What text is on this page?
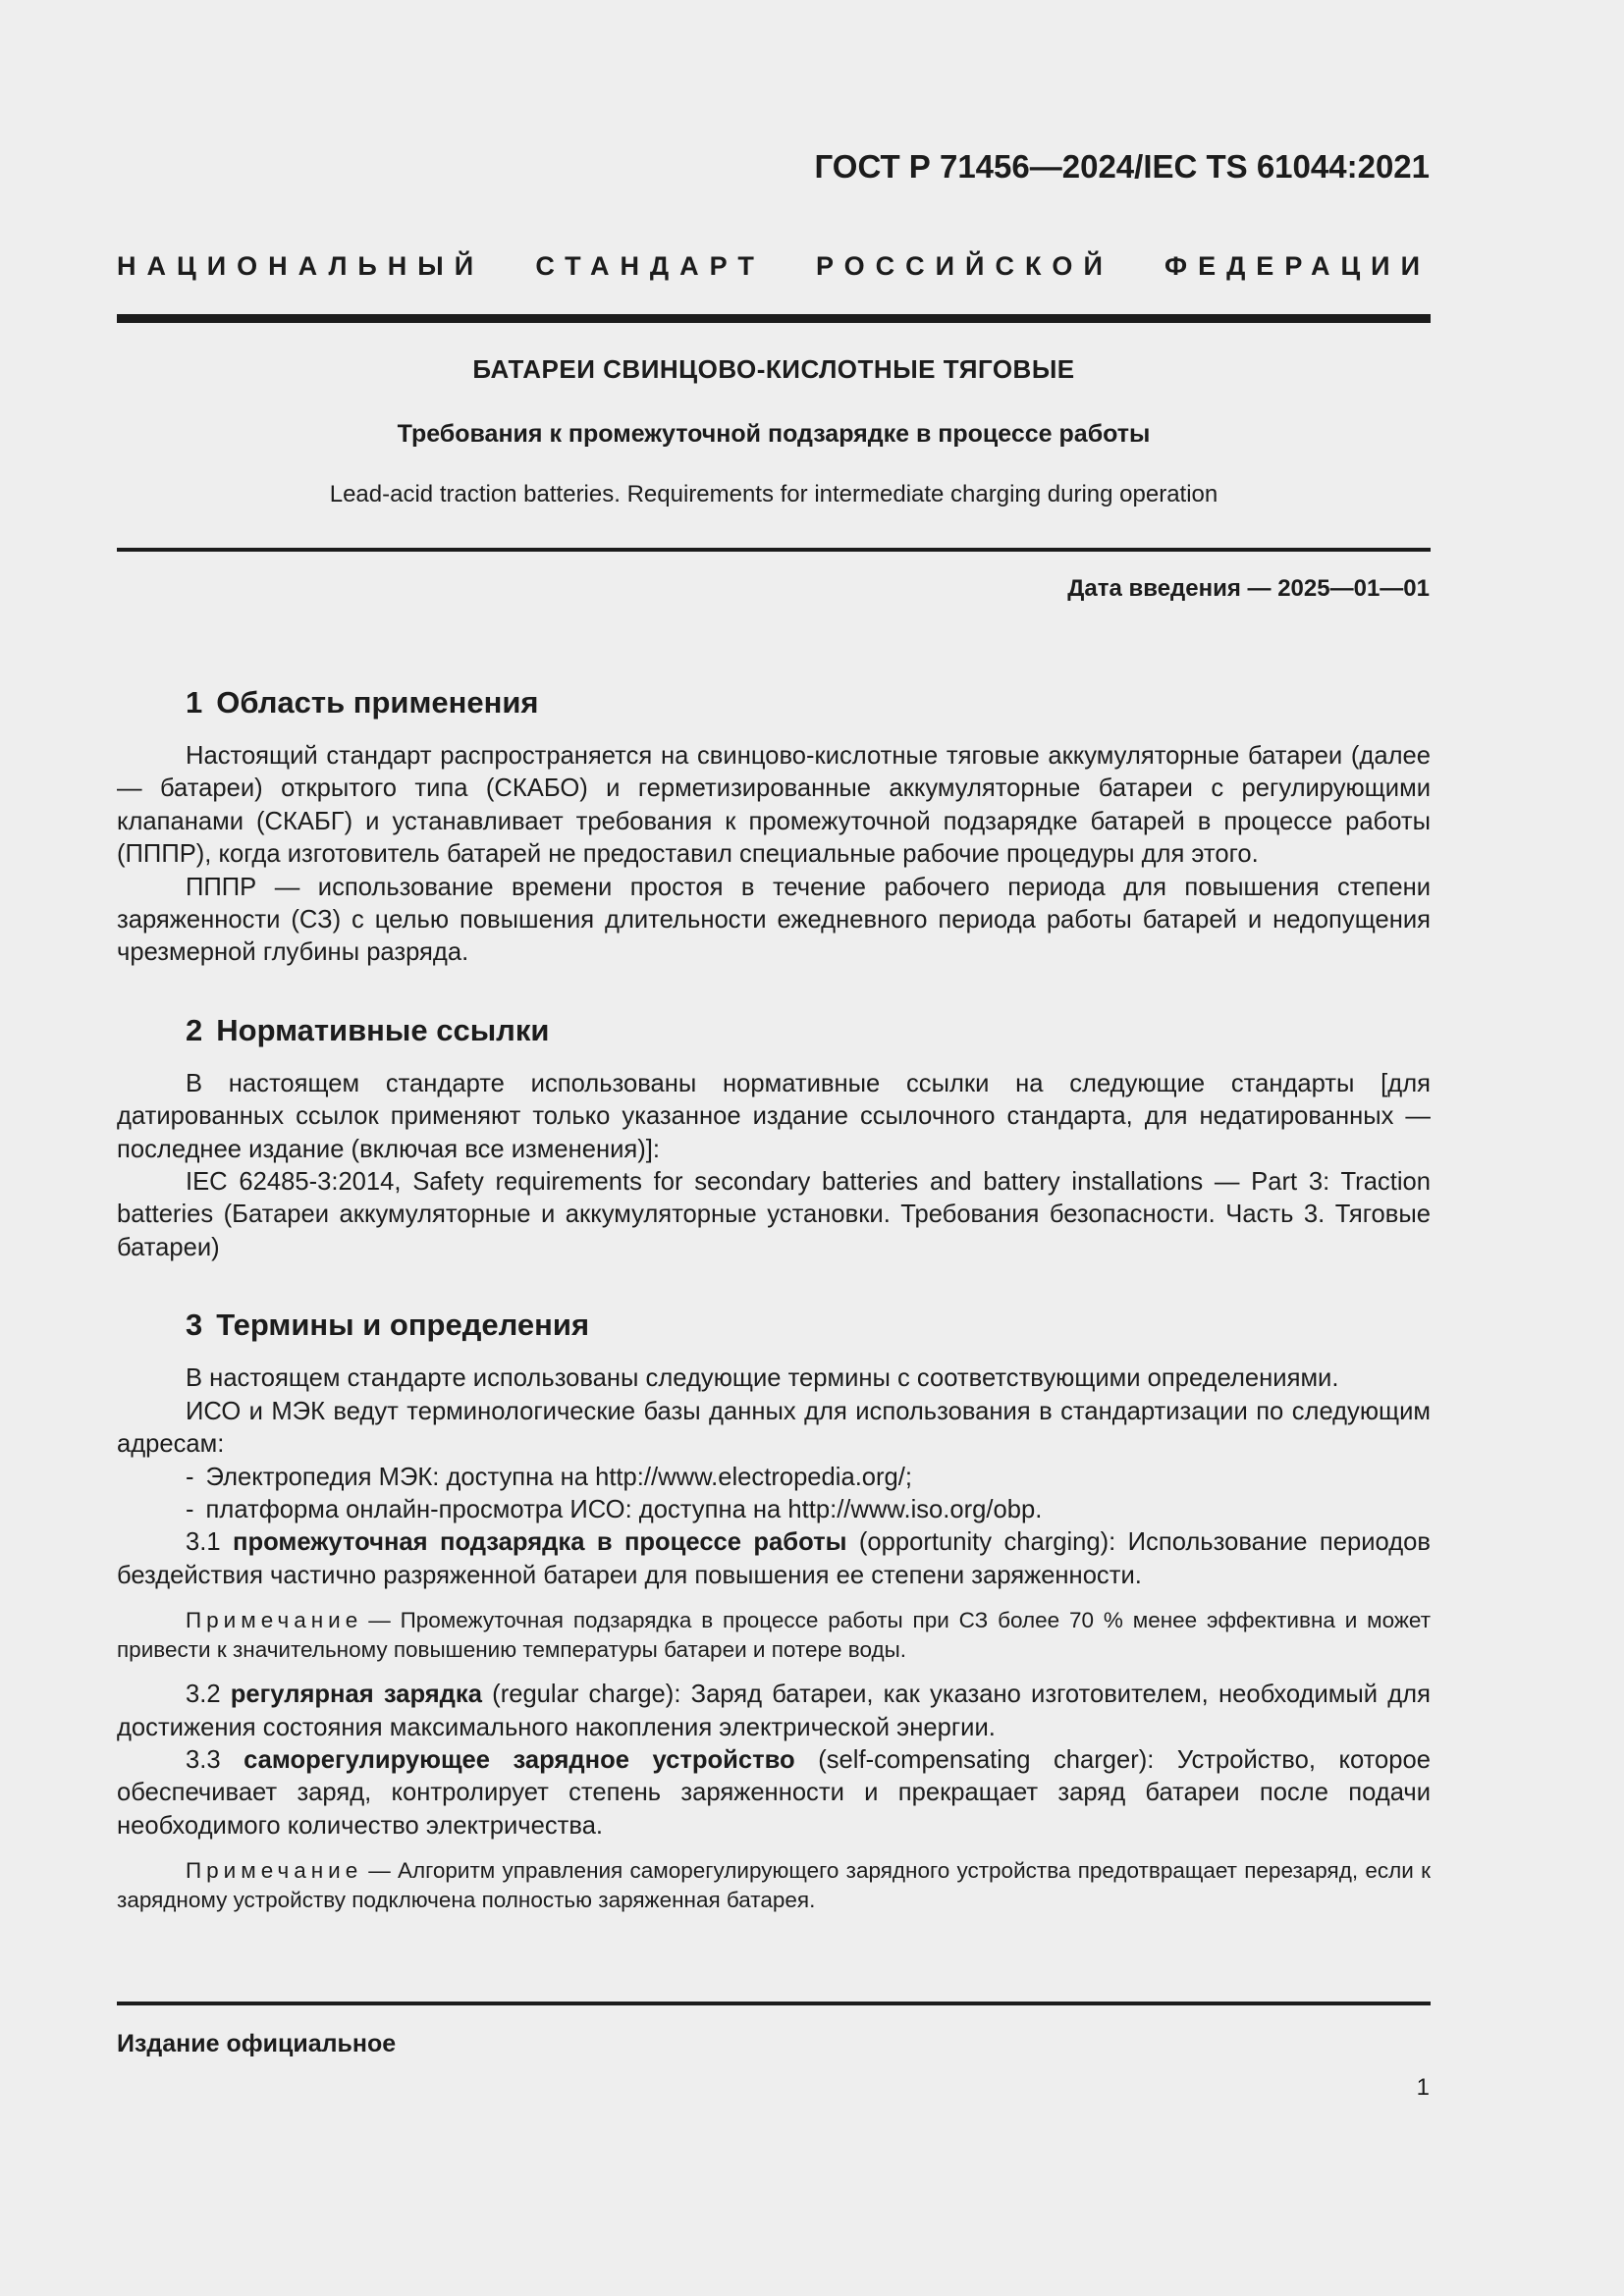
ГОСТ Р 71456—2024/IEC TS 61044:2021
НАЦИОНАЛЬНЫЙ СТАНДАРТ РОССИЙСКОЙ ФЕДЕРАЦИИ
БАТАРЕИ СВИНЦОВО-КИСЛОТНЫЕ ТЯГОВЫЕ
Требования к промежуточной подзарядке в процессе работы
Lead-acid traction batteries. Requirements for intermediate charging during operation
Дата введения — 2025—01—01
1 Область применения

Настоящий стандарт распространяется на свинцово-кислотные тяговые аккумуляторные батареи (далее — батареи) открытого типа (СКАБО) и герметизированные аккумуляторные батареи с регулирующими клапанами (СКАБГ) и устанавливает требования к промежуточной подзарядке батарей в процессе работы (ПППР), когда изготовитель батарей не предоставил специальные рабочие процедуры для этого.

ПППР — использование времени простоя в течение рабочего периода для повышения степени заряженности (СЗ) с целью повышения длительности ежедневного периода работы батарей и недопущения чрезмерной глубины разряда.

2 Нормативные ссылки

В настоящем стандарте использованы нормативные ссылки на следующие стандарты [для датированных ссылок применяют только указанное издание ссылочного стандарта, для недатированных — последнее издание (включая все изменения)]:

IEC 62485-3:2014, Safety requirements for secondary batteries and battery installations — Part 3: Traction batteries (Батареи аккумуляторные и аккумуляторные установки. Требования безопасности. Часть 3. Тяговые батареи)

3 Термины и определения

В настоящем стандарте использованы следующие термины с соответствующими определениями.

ИСО и МЭК ведут терминологические базы данных для использования в стандартизации по следующим адресам:

- Электропедия МЭК: доступна на http://www.electropedia.org/;

- платформа онлайн-просмотра ИСО: доступна на http://www.iso.org/obp.

3.1 промежуточная подзарядка в процессе работы (opportunity charging): Использование периодов бездействия частично разряженной батареи для повышения ее степени заряженности.

Примечание — Промежуточная подзарядка в процессе работы при СЗ более 70 % менее эффективна и может привести к значительному повышению температуры батареи и потере воды.

3.2 регулярная зарядка (regular charge): Заряд батареи, как указано изготовителем, необходимый для достижения состояния максимального накопления электрической энергии.

3.3 саморегулирующее зарядное устройство (self-compensating charger): Устройство, которое обеспечивает заряд, контролирует степень заряженности и прекращает заряд батареи после подачи необходимого количество электричества.

Примечание — Алгоритм управления саморегулирующего зарядного устройства предотвращает перезаряд, если к зарядному устройству подключена полностью заряженная батарея.

Издание официальное
1
